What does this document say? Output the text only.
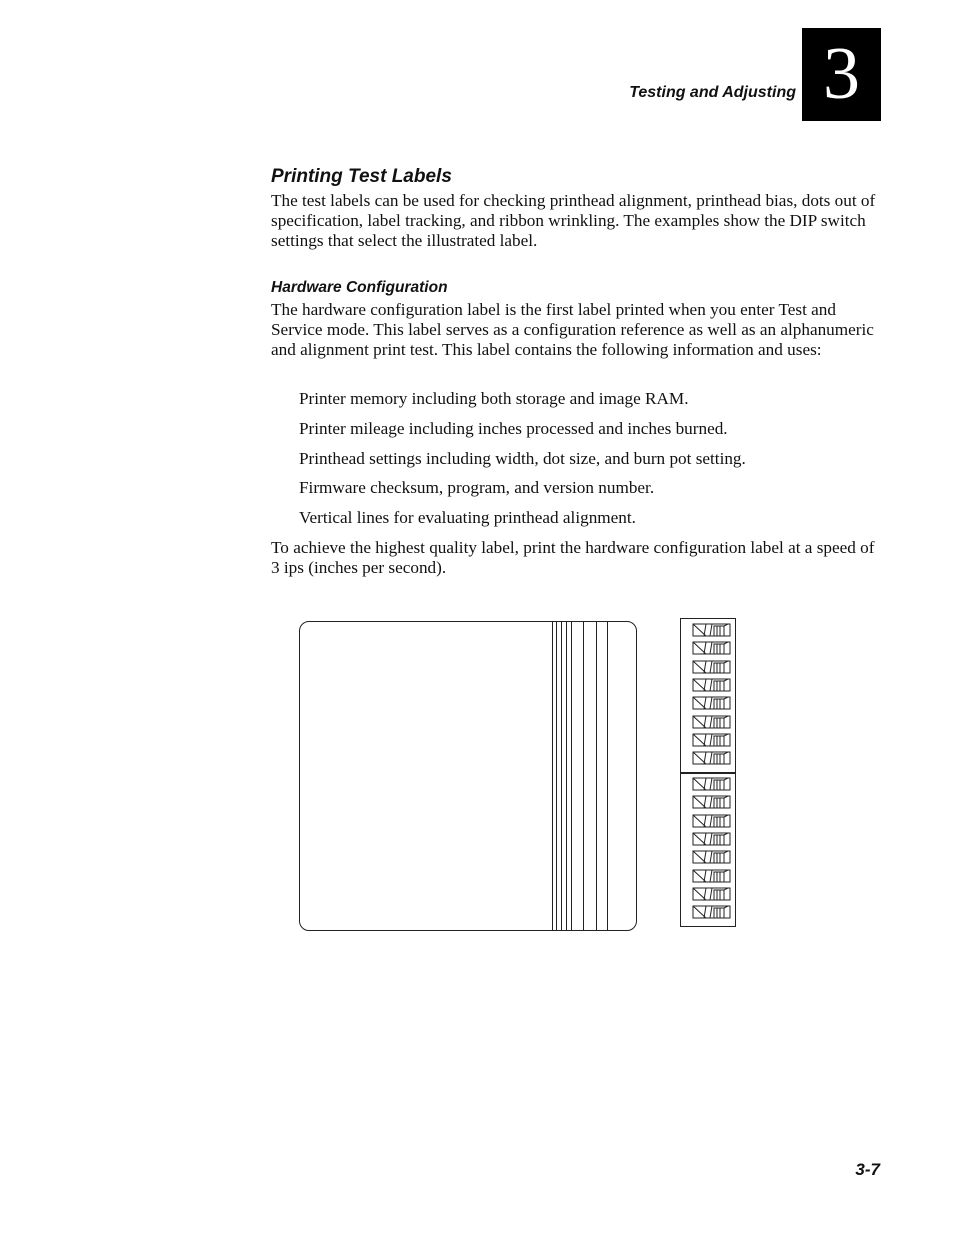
Testing and Adjusting 3
Printing Test Labels

The test labels can be used for checking printhead alignment, printhead bias, dots out of specification, label tracking, and ribbon wrinkling. The examples show the DIP switch settings that select the illustrated label.

Hardware Configuration

The hardware configuration label is the first label printed when you enter Test and Service mode. This label serves as a configuration reference as well as an alphanumeric and alignment print test. This label contains the following information and uses:

Printer memory including both storage and image RAM.
Printer mileage including inches processed and inches burned.
Printhead settings including width, dot size, and burn pot setting.
Firmware checksum, program, and version number.
Vertical lines for evaluating printhead alignment.

To achieve the highest quality label, print the hardware configuration label at a speed of 3 ips (inches per second).

3-7
